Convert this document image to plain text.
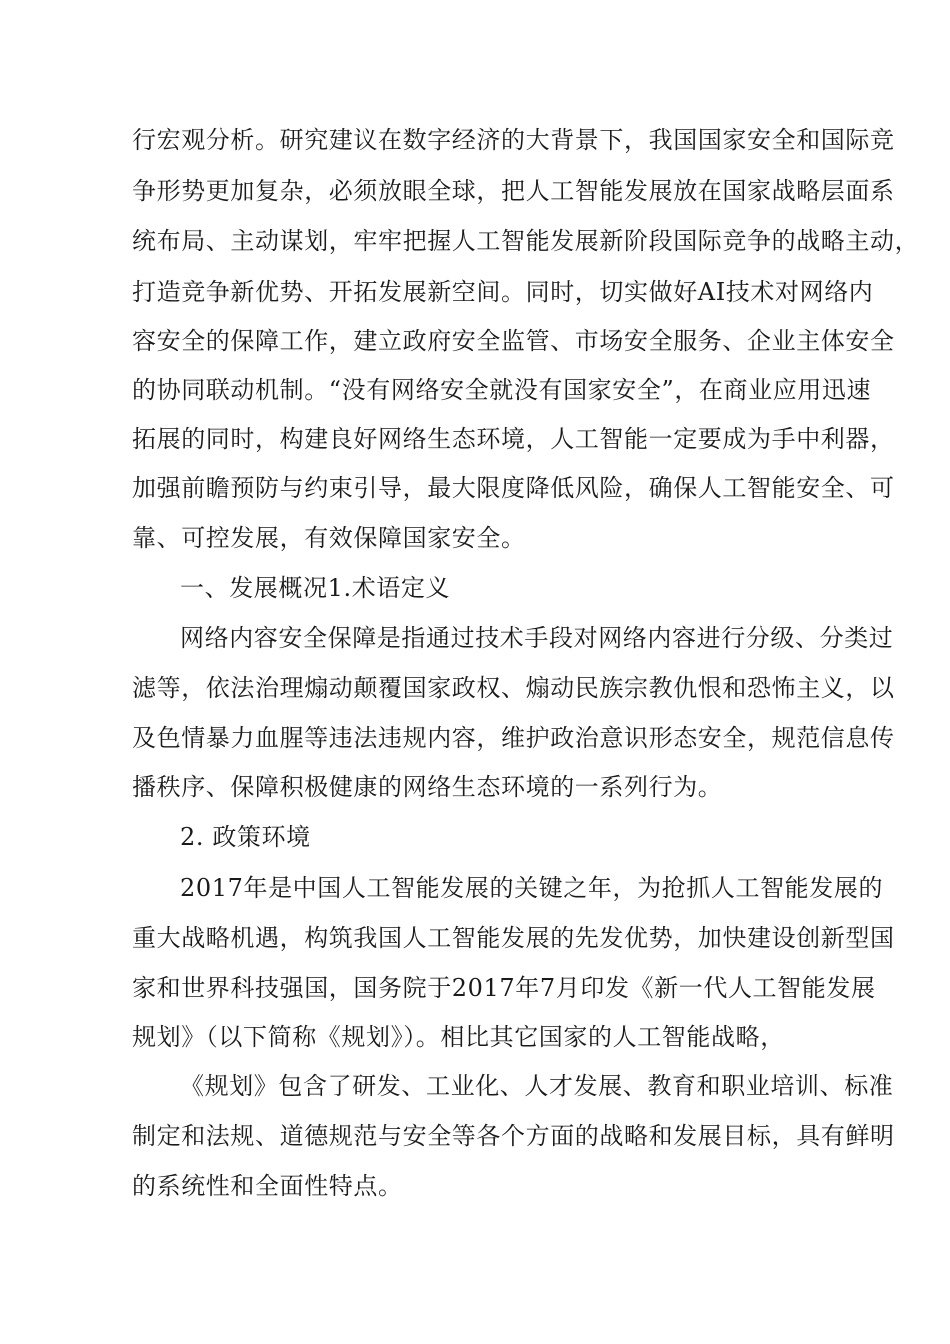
行宏观分析。研究建议在数字经济的大背景下，我国国家安全和国际竞
争形势更加复杂，必须放眼全球，把人工智能发展放在国家战略层面系
统布局、主动谋划，牢牢把握人工智能发展新阶段国际竞争的战略主动，
打造竞争新优势、开拓发展新空间。同时，切实做好AI技术对网络内
容安全的保障工作，建立政府安全监管、市场安全服务、企业主体安全
的协同联动机制。“没有网络安全就没有国家安全”，在商业应用迅速
拓展的同时，构建良好网络生态环境，人工智能一定要成为手中利器，
加强前瞻预防与约束引导，最大限度降低风险，确保人工智能安全、可
靠、可控发展，有效保障国家安全。
一、发展概况1.术语定义
网络内容安全保障是指通过技术手段对网络内容进行分级、分类过
滤等，依法治理煽动颠覆国家政权、煽动民族宗教仇恨和恐怖主义，以
及色情暴力血腥等违法违规内容，维护政治意识形态安全，规范信息传
播秩序、保障积极健康的网络生态环境的一系列行为。
2. 政策环境
2017年是中国人工智能发展的关键之年，为抢抓人工智能发展的
重大战略机遇，构筑我国人工智能发展的先发优势，加快建设创新型国
家和世界科技强国，国务院于2017年7月印发《新一代人工智能发展
规划》（以下简称《规划》）。相比其它国家的人工智能战略，
《规划》包含了研发、工业化、人才发展、教育和职业培训、标准
制定和法规、道德规范与安全等各个方面的战略和发展目标，具有鲜明
的系统性和全面性特点。
